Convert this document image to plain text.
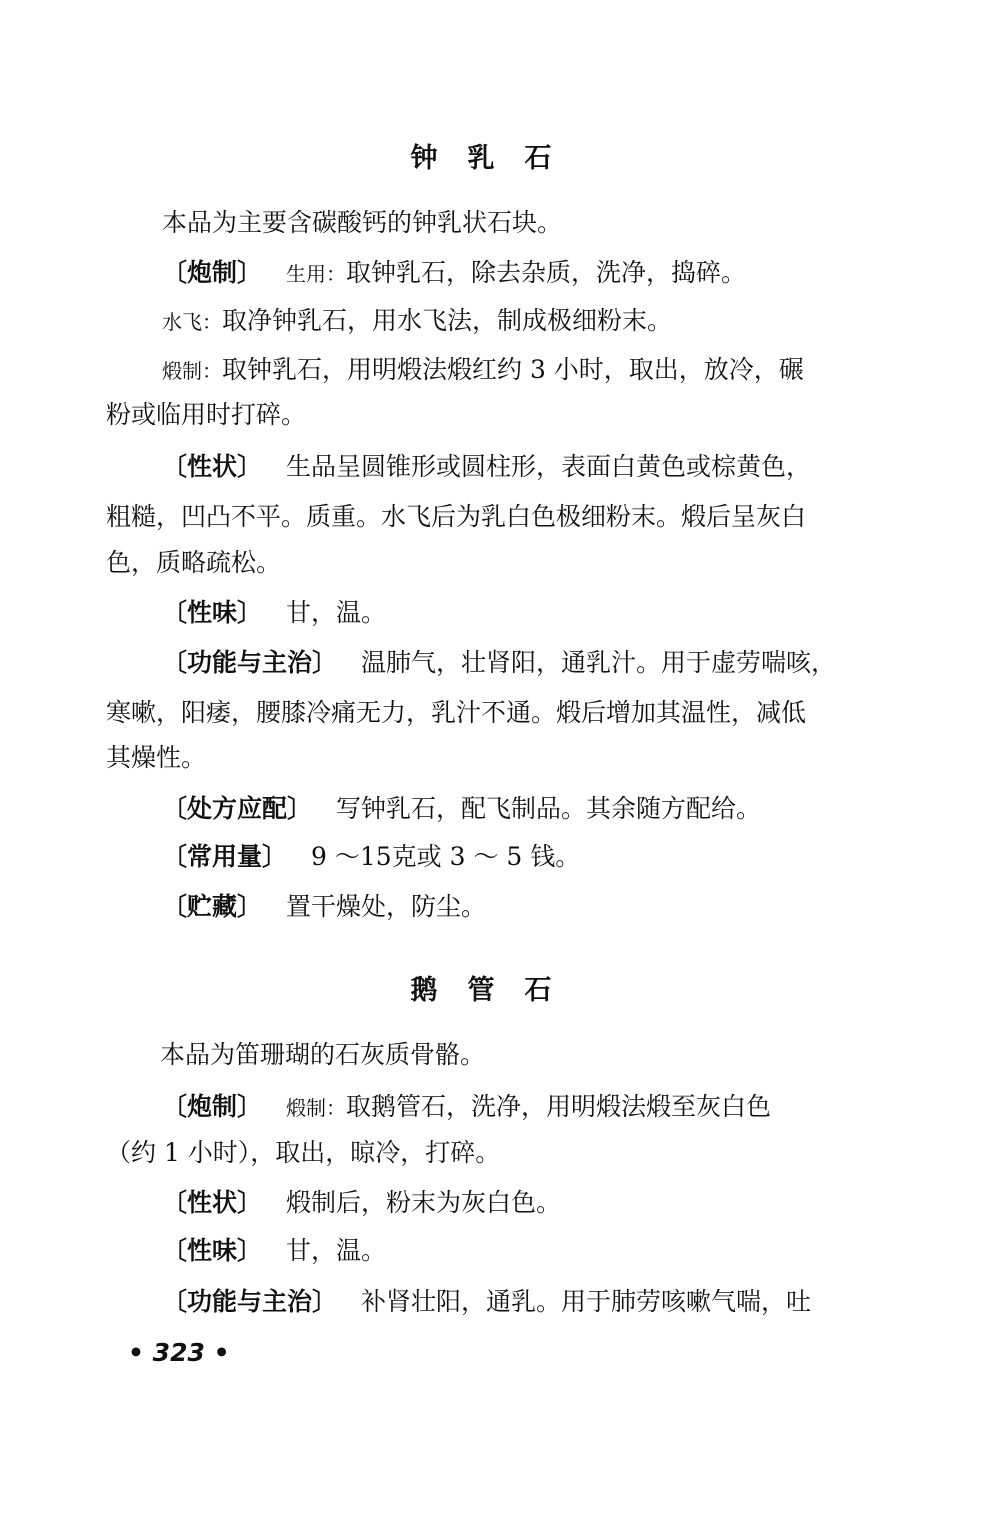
钟乳石
本品为主要含碳酸钙的钟乳状石块。
〔炮制〕 生用：取钟乳石，除去杂质，洗净，捣碎。
水飞：取净钟乳石，用水飞法，制成极细粉末。
煅制：取钟乳石，用明煅法煅红约 3 小时，取出，放冷，碾
粉或临用时打碎。
〔性状〕 生品呈圆锥形或圆柱形，表面白黄色或棕黄色，
粗糙，凹凸不平。质重。水飞后为乳白色极细粉末。煅后呈灰白
色，质略疏松。
〔性味〕 甘，温。
〔功能与主治〕 温肺气，壮肾阳，通乳汁。用于虚劳喘咳，
寒嗽，阳痿，腰膝冷痛无力，乳汁不通。煅后增加其温性，减低
其燥性。
〔处方应配〕 写钟乳石，配飞制品。其余随方配给。
〔常用量〕 9 ～15克或 3 ～ 5 钱。
〔贮藏〕 置干燥处，防尘。
鹅管石
本品为笛珊瑚的石灰质骨骼。
〔炮制〕 煅制：取鹅管石，洗净，用明煅法煅至灰白色
（约 1 小时），取出，晾冷，打碎。
〔性状〕 煅制后，粉末为灰白色。
〔性味〕 甘，温。
〔功能与主治〕 补肾壮阳，通乳。用于肺劳咳嗽气喘，吐
• 323 •
